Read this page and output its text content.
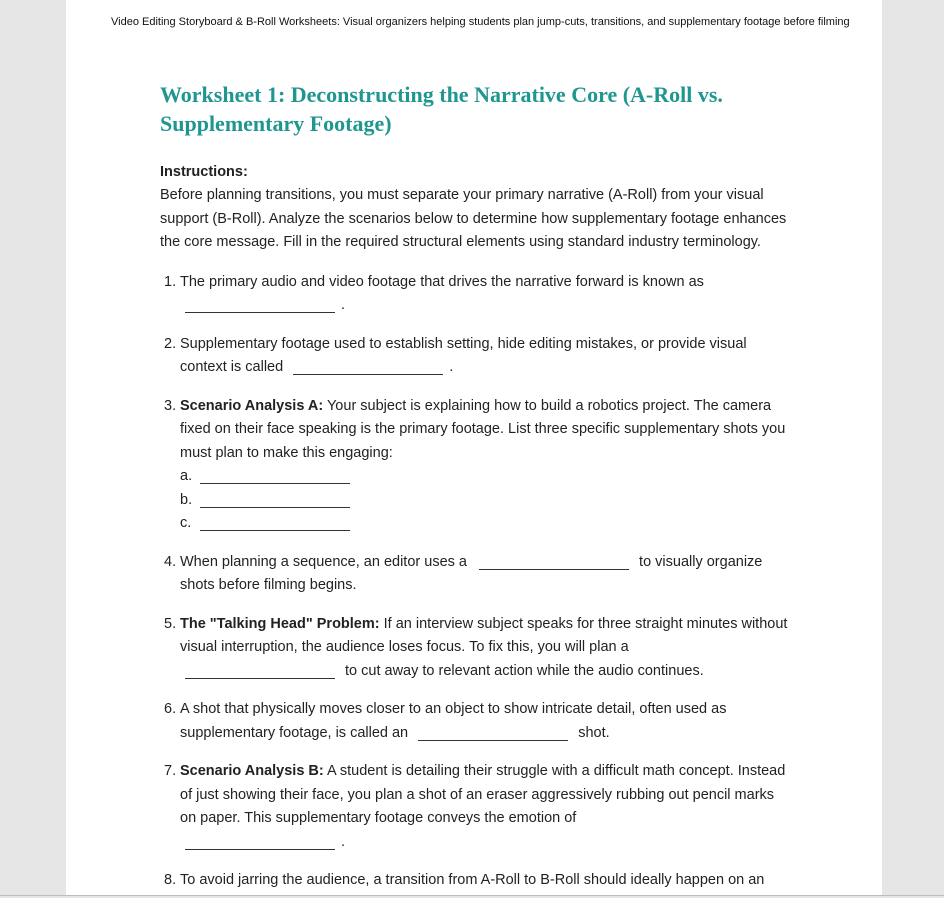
Video Editing Storyboard & B-Roll Worksheets: Visual organizers helping students plan jump-cuts, transitions, and supplementary footage before filming
Worksheet 1: Deconstructing the Narrative Core (A-Roll vs. Supplementary Footage)
Instructions:

Before planning transitions, you must separate your primary narrative (A-Roll) from your visual support (B-Roll). Analyze the scenarios below to determine how supplementary footage enhances the core message. Fill in the required structural elements using standard industry terminology.

1. The primary audio and video footage that drives the narrative forward is known as
.
2. Supplementary footage used to establish setting, hide editing mistakes, or provide visual context is called	.
3. Scenario Analysis A: Your subject is explaining how to build a robotics project. The camera fixed on their face speaking is the primary footage. List three specific supplementary shots you must plan to make this engaging:
a.
b.
c.
4. When planning a sequence, an editor uses a	to visually organize shots before filming begins.
5. The "Talking Head" Problem: If an interview subject speaks for three straight minutes without visual interruption, the audience loses focus. To fix this, you will plan a
to cut away to relevant action while the audio continues.
6. A shot that physically moves closer to an object to show intricate detail, often used as supplementary footage, is called an	shot.
7. Scenario Analysis B: A student is detailing their struggle with a difficult math concept. Instead of just showing their face, you plan a shot of an eraser aggressively rubbing out pencil marks on paper. This supplementary footage conveys the emotion of
.
8. To avoid jarring the audience, a transition from A-Roll to B-Roll should ideally happen on an
